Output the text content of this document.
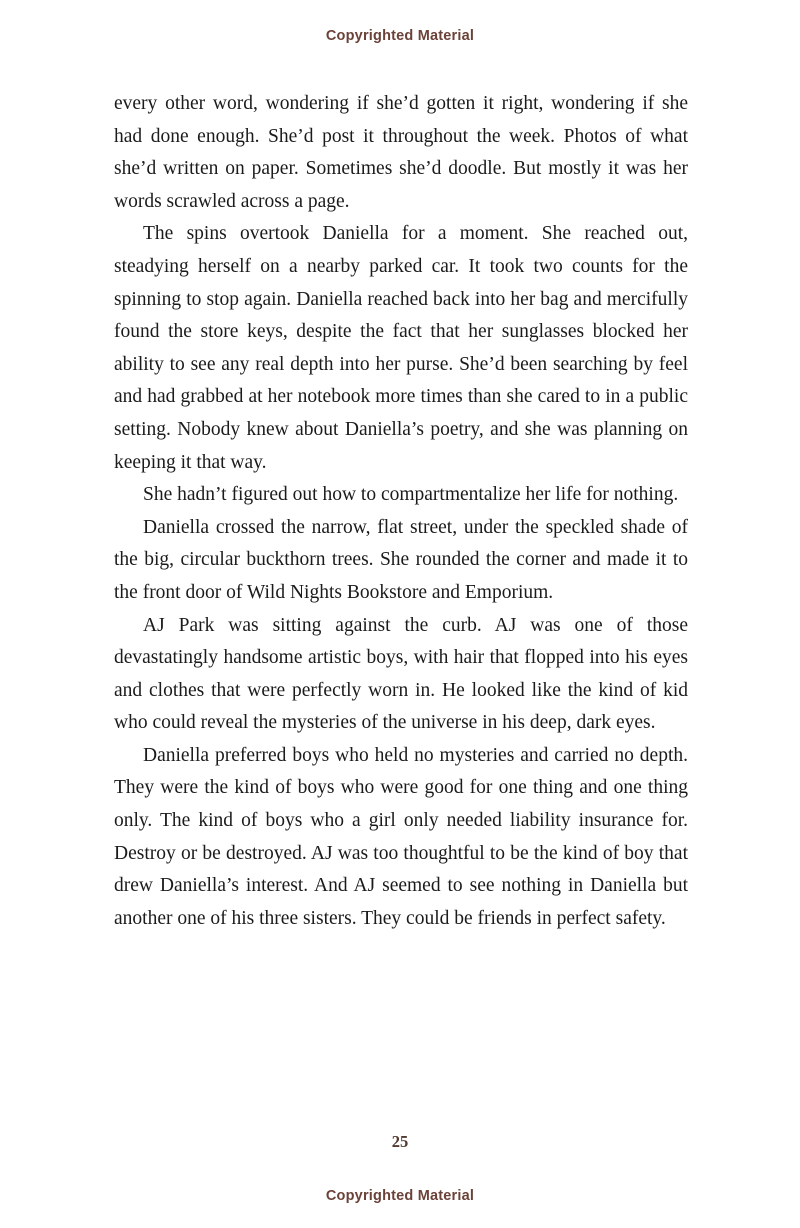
Copyrighted Material

every other word, wondering if she’d gotten it right, wondering if she had done enough. She’d post it throughout the week. Photos of what she’d written on paper. Sometimes she’d doodle. But mostly it was her words scrawled across a page.

The spins overtook Daniella for a moment. She reached out, steadying herself on a nearby parked car. It took two counts for the spinning to stop again. Daniella reached back into her bag and mercifully found the store keys, despite the fact that her sunglasses blocked her ability to see any real depth into her purse. She’d been searching by feel and had grabbed at her notebook more times than she cared to in a public setting. Nobody knew about Daniella’s poetry, and she was planning on keeping it that way.

She hadn’t figured out how to compartmentalize her life for nothing.

Daniella crossed the narrow, flat street, under the speckled shade of the big, circular buckthorn trees. She rounded the corner and made it to the front door of Wild Nights Bookstore and Emporium.

AJ Park was sitting against the curb. AJ was one of those devastatingly handsome artistic boys, with hair that flopped into his eyes and clothes that were perfectly worn in. He looked like the kind of kid who could reveal the mysteries of the universe in his deep, dark eyes.

Daniella preferred boys who held no mysteries and carried no depth. They were the kind of boys who were good for one thing and one thing only. The kind of boys who a girl only needed liability insurance for. Destroy or be destroyed. AJ was too thoughtful to be the kind of boy that drew Daniella’s interest. And AJ seemed to see nothing in Daniella but another one of his three sisters. They could be friends in perfect safety.

25
Copyrighted Material
